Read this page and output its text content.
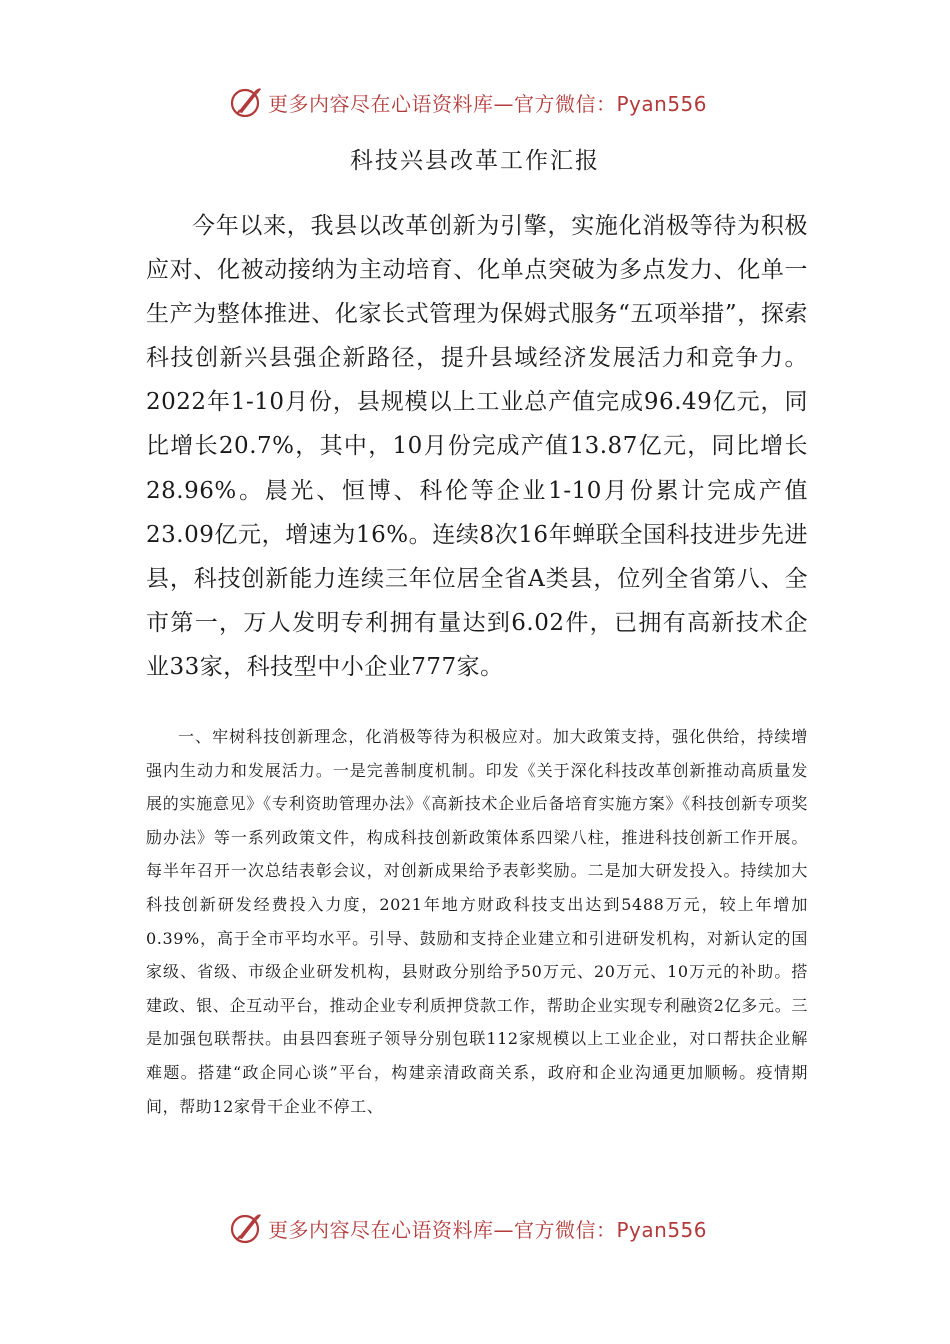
更多内容尽在心语资料库—官方微信：Pyan556
科技兴县改革工作汇报

今年以来，我县以改革创新为引擎，实施化消极等待为积极应对、化被动接纳为主动培育、化单点突破为多点发力、化单一生产为整体推进、化家长式管理为保姆式服务“五项举措”，探索科技创新兴县强企新路径，提升县域经济发展活力和竞争力。2022年1-10月份，县规模以上工业总产值完成96.49亿元，同比增长20.7%，其中，10月份完成产值13.87亿元，同比增长28.96%。晨光、恒博、科伦等企业1-10月份累计完成产值23.09亿元，增速为16%。连续8次16年蝉联全国科技进步先进县，科技创新能力连续三年位居全省A类县，位列全省第八、全市第一，万人发明专利拥有量达到6.02件，已拥有高新技术企业33家，科技型中小企业777家。

一、牢树科技创新理念，化消极等待为积极应对。加大政策支持，强化供给，持续增强内生动力和发展活力。一是完善制度机制。印发《关于深化科技改革创新推动高质量发展的实施意见》《专利资助管理办法》《高新技术企业后备培育实施方案》《科技创新专项奖励办法》等一系列政策文件，构成科技创新政策体系四梁八柱，推进科技创新工作开展。每半年召开一次总结表彰会议，对创新成果给予表彰奖励。二是加大研发投入。持续加大科技创新研发经费投入力度，2021年地方财政科技支出达到5488万元，较上年增加0.39%，高于全市平均水平。引导、鼓励和支持企业建立和引进研发机构，对新认定的国家级、省级、市级企业研发机构，县财政分别给予50万元、20万元、10万元的补助。搭建政、银、企互动平台，推动企业专利质押贷款工作，帮助企业实现专利融资2亿多元。三是加强包联帮扶。由县四套班子领导分别包联112家规模以上工业企业，对口帮扶企业解难题。搭建“政企同心谈”平台，构建亲清政商关系，政府和企业沟通更加顺畅。疫情期间，帮助12家骨干企业不停工、

更多内容尽在心语资料库—官方微信：Pyan556
